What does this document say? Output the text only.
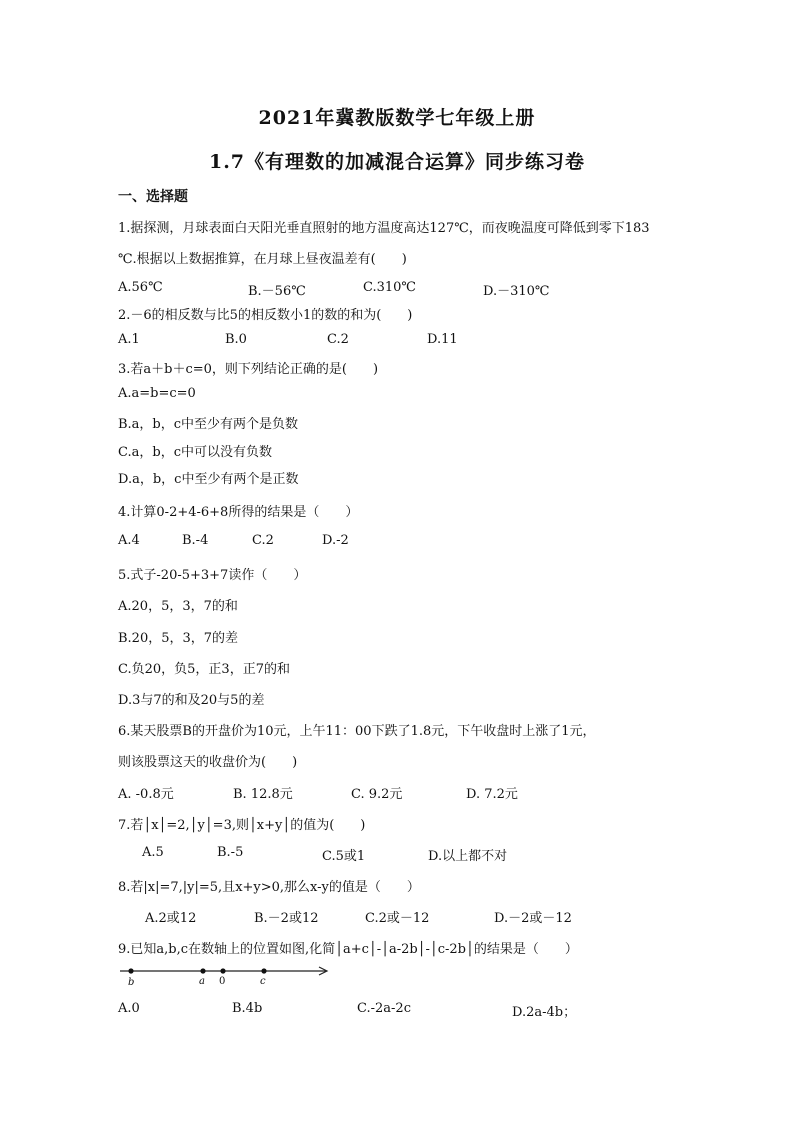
2021年冀教版数学七年级上册
1.7《有理数的加减混合运算》同步练习卷
一、选择题
1.据探测，月球表面白天阳光垂直照射的地方温度高达127℃，而夜晚温度可降低到零下183
℃.根据以上数据推算，在月球上昼夜温差有(　　)
A.56℃	B.－56℃	C.310℃	D.－310℃
2.－6的相反数与比5的相反数小1的数的和为(　　)
A.1	B.0	C.2	D.11
3.若a＋b＋c=0，则下列结论正确的是(　　)
A.a=b=c=0
B.a，b，c中至少有两个是负数
C.a，b，c中可以没有负数
D.a，b，c中至少有两个是正数
4.计算0-2+4-6+8所得的结果是（　　）
A.4	B.-4	C.2	D.-2
5.式子-20-5+3+7读作（　　）
A.20，5，3，7的和
B.20，5，3，7的差
C.负20，负5，正3，正7的和
D.3与7的和及20与5的差
6.某天股票B的开盘价为10元，上午11：00下跌了1.8元，下午收盘时上涨了1元，
则该股票这天的收盘价为(　　)
A. -0.8元	B. 12.8元	C. 9.2元	D. 7.2元
7.若│x│=2,│y│=3,则│x+y│的值为(　　)
A.5	B.-5	C.5或1	D.以上都不对
8.若|x|=7,|y|=5,且x+y>0,那么x-y的值是（　　）
A.2或12	B.－2或12	C.2或－12	D.－2或－12
9.已知a,b,c在数轴上的位置如图,化简│a+c│-│a-2b│-│c-2b│的结果是（　　）
b	a 0	c
A.0	B.4b	C.-2a-2c	D.2a-4b；
